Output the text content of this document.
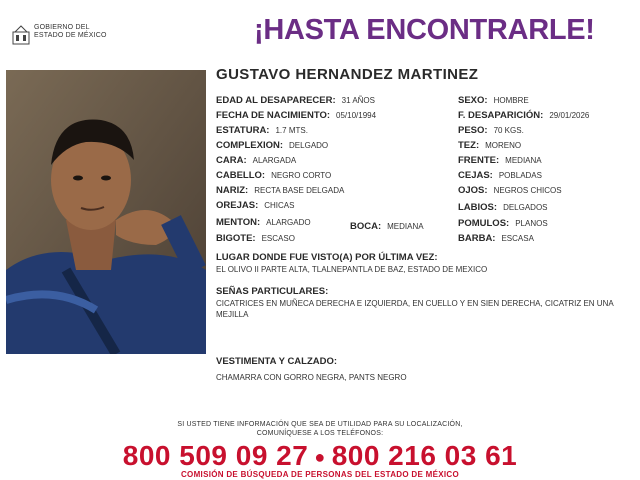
GOBIERNO DEL
ESTADO DE MÉXICO	¡HASTA ENCONTRARLE!
GUSTAVO HERNANDEZ MARTINEZ
EDAD AL DESAPARECER: 31 AÑOS
FECHA DE NACIMIENTO: 05/10/1994
ESTATURA: 1.7 MTS.
COMPLEXION: DELGADO
CARA: ALARGADA
CABELLO: NEGRO CORTO
NARIZ: RECTA BASE DELGADA
OREJAS: CHICAS
MENTON: ALARGADO
BIGOTE: ESCASO
BOCA: MEDIANA
SEXO: HOMBRE
F. DESAPARICIÓN: 29/01/2026
PESO: 70 KGS.
TEZ: MORENO
FRENTE: MEDIANA
CEJAS: POBLADAS
OJOS: NEGROS CHICOS
LABIOS: DELGADOS
POMULOS: PLANOS
BARBA: ESCASA
LUGAR DONDE FUE VISTO(A) POR ÚLTIMA VEZ:
EL OLIVO II PARTE ALTA, TLALNEPANTLA DE BAZ, ESTADO DE MEXICO
SEÑAS PARTICULARES:
CICATRICES EN MUÑECA DERECHA E IZQUIERDA, EN CUELLO Y EN SIEN DERECHA, CICATRIZ EN UNA MEJILLA
VESTIMENTA Y CALZADO:
CHAMARRA CON GORRO NEGRA, PANTS NEGRO
SI USTED TIENE INFORMACIÓN QUE SEA DE UTILIDAD PARA SU LOCALIZACIÓN,
COMUNÍQUESE A LOS TELÉFONOS:
800 509 09 27 ● 800 216 03 61
COMISIÓN DE BÚSQUEDA DE PERSONAS DEL ESTADO DE MÉXICO
